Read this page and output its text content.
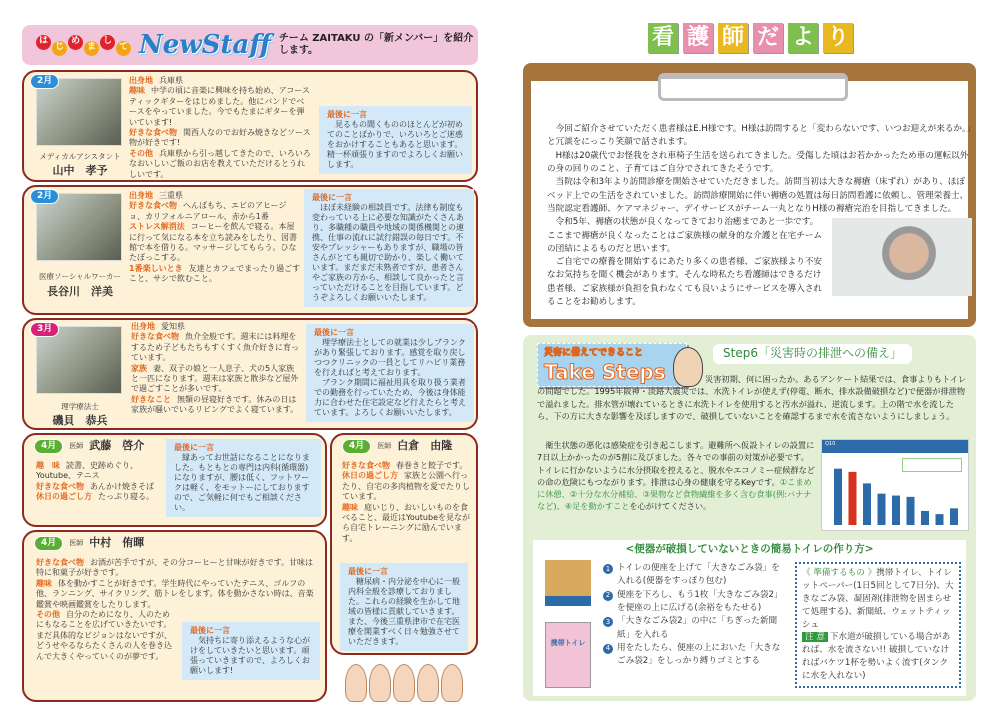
は
じ
め
ま
し
て NewStaff チーム ZAITAKU の「新メンバー」を紹介します。
2月
メディカルアシスタント
山中　孝予
出身地 兵庫県
趣味 中学の頃に音楽に興味を持ち始め、アコースティックギターをはじめました。他にバンドでベースをやっていました。今でもたまにギターを弾いています!
好きな食べ物 関西人なのでお好み焼きなどソース物が好きです!
その他 兵庫県から引っ越してきたので、いろいろなおいしいご飯のお店を教えていただけるとうれしいです。
最後に一言

見るもの聞くもののほとんどが初めてのことばかりで、いろいろとご迷惑をおかけすることもあると思います。精一杯頑張りますのでよろしくお願いします。

2月
医療ソーシャルワーカー
長谷川　洋美
出身地 三重県
好きな食べ物 へんばもち、エビのアヒージョ、カリフォルニアロール、赤から1番
ストレス解消法 コーヒーを飲んで寝る。本屋に行って気になる本を立ち読みをしたり、図書館で本を借りる。マッサージしてもらう。ひなたぼっこする。
1番楽しいとき 友達とカフェでまったり過ごすこと、サシで飲むこと。
最後に一言

ほぼ未経験の相談員です。法律も制度も変わっている上に必要な知識がたくさんあり、多職種の職員や地域の関係機関との連携、仕事の流れに試行錯誤の毎日です。不安やプレッシャーもありますが、職場の皆さんがとても親切で助かり、楽しく働いています。まだまだ未熟者ですが、患者さんやご家族の方から、相談して良かったと言っていただけることを目指しています。どうぞよろしくお願いいたします。

3月
理学療法士
磯貝　恭兵
出身地 愛知県
好きな食べ物 魚介全般です。週末には料理をするため子どもたちもすくすく魚介好きに育っています。
家族 妻、双子の娘と一人息子、犬の5人家族と一匹になります。週末は家族と散歩など屋外で過ごすことが多いです。
好きなこと 無類の昼寝好きです。休みの日は家族が騒いでいるリビングでよく寝ています。
最後に一言

理学療法士としての就業は少しブランクがあり緊張しております。感覚を取り戻しつつクリニックの一員としてリハビリ業務を行えればと考えております。

ブランク期間に福祉用具を取り扱う業者での勤務を行っていたため、今後は身体能力に合わせた住宅設定など行えたらと考えています。よろしくお願いいたします。

4月	医師 武藤　啓介
趣　味 読書、史跡めぐり、Youtube、テニス
好きな食べ物 あんかけ焼きそば
休日の過ごし方 たっぷり寝る。
最後に一言

縁あってお世話になることになりました。もともとの専門は内科(循環器)になりますが、腰は低く、フットワークは軽く、をモットーにしておりますので、ご気軽に何でもご相談ください。

4月	医師 中村　侑暉
好きな食べ物 お酒が苦手ですが、その分コーヒーと甘味が好きです。甘味は特に和菓子が好きです。
趣味 体を動かすことが好きです。学生時代にやっていたテニス、ゴルフの他、ランニング、サイクリング、筋トレをします。体を動かさない時は、音楽鑑賞や映画鑑賞をしたりします。
その他 自分のためになり、人のためにもなることを広げていきたいです。まだ具体的なビジョンはないですが、どうせやるならたくさんの人を巻き込んで大きくやっていくのが夢です。
最後に一言

気持ちに寄り添えるような心がけをしていきたいと思います。頑張っていきますので、よろしくお願いします!

4月	医師 白倉　由隆
好きな食べ物 春巻きと餃子です。
休日の過ごし方 家族と公園へ行ったり、自宅の多肉植物を愛でたりしています。
趣味 庭いじり、おいしいものを食べること、最近はYoutubeを見ながら自宅トレーニングに励んでいます。
最後に一言

糖尿病・内分泌を中心に一般内科全般を診療しておりました。これらの経験を生かして地域の皆様に貢献していきます。また、今後三重県津市で在宅医療を開業すべく日々勉強させていただきます。

看 護 師 だ よ り

今回ご紹介させていただく患者様はE.H様です。H様は訪問すると「変わらないです、いつお迎えが来るか。」と冗談をにっこり笑顔で話されます。

H様は20歳代でお怪我をされ車椅子生活を送られてきました。受傷した頃はお若かかったため車の運転以外の身の回りのこと、子育てはご自分でされてきたそうです。

当院は令和3年より訪問診療を開始させていただきました。訪問当初は大きな褥瘡（床ずれ）があり、ほぼベッド上での生活をされていました。訪問診療開始に伴い褥瘡の処置は毎日訪問看護に依頼し、管理栄養士、当院認定看護師、ケアマネジャー、デイサービスがチーム一丸となりH様の褥瘡完治を目指してきました。

令和5年、褥瘡の状態が良くなってきており治癒まであと一歩です。ここまで褥瘡が良くなったことはご家族様の献身的な介護と在宅チームの団結によるものだと思います。

ご自宅での療養を開始するにあたり多くの患者様、ご家族様より不安なお気持ちを聞く機会があります。そんな時私たち看護師はできるだけ患者様、ご家族様が負担を負わなくても良いようにサービスを導入されることをお勧めします。

災害に備えてできること
Take Steps
Step6「災害時の排泄への備え」
災害初期、何に困ったか。あるアンケート結果では、食事よりもトイレの問題でした。1995年阪神・淡路大震災では、水洗トイレが使えず(停電、断水、排水設備破損など)で便器が排泄物で溢れました。排水管が壊れているときに水洗トイレを使用すると汚水が溢れ、逆流します。上の階で水を流したら、下の方に大きな影響を及ぼしますので、破損していないことを確認するまで水を流さないようにしましょう。
衛生状態の悪化は感染症を引き起こします。避難所へ仮設トイレの設置に7日以上かかったのが5割に及びました。各々での事前の対策が必要です。トイレに行かないように水分摂取を控えると、脱水やエコノミー症候群などの命の危険にもつながります。排泄は心身の健康を守るKeyです。①こまめに休憩、②十分な水分補給、③果物など食物繊維を多く含む食事(例:バナナなど)、④足を動かすことを心がけてください。
Q10
<便器が破損していないときの簡易トイレの作り方>
携帯トイレ
1 トイレの便座を上げて「大きなごみ袋」を入れる(便器をすっぽり包む)
2 便座を下ろし、もう1枚「大きなごみ袋2」を便座の上に広げる(余裕をもたせる)
3 「大きなごみ袋2」の中に「ちぎった新聞紙」を入れる
4 用をたしたら、便座の上においた「大きなごみ袋2」をしっかり縛りゴミとする
《 準備するもの 》携帯トイレ、トイレットペーパー(1日5回として7日分)、大きなごみ袋、凝固剤(排泄物を固まらせて処理する)、新聞紙、ウェットティッシュ
注 意 下水道が破損している場合があれば、水を流さない!! 破損していなければバケツ1杯を勢いよく流す(タンクに水を入れない)
